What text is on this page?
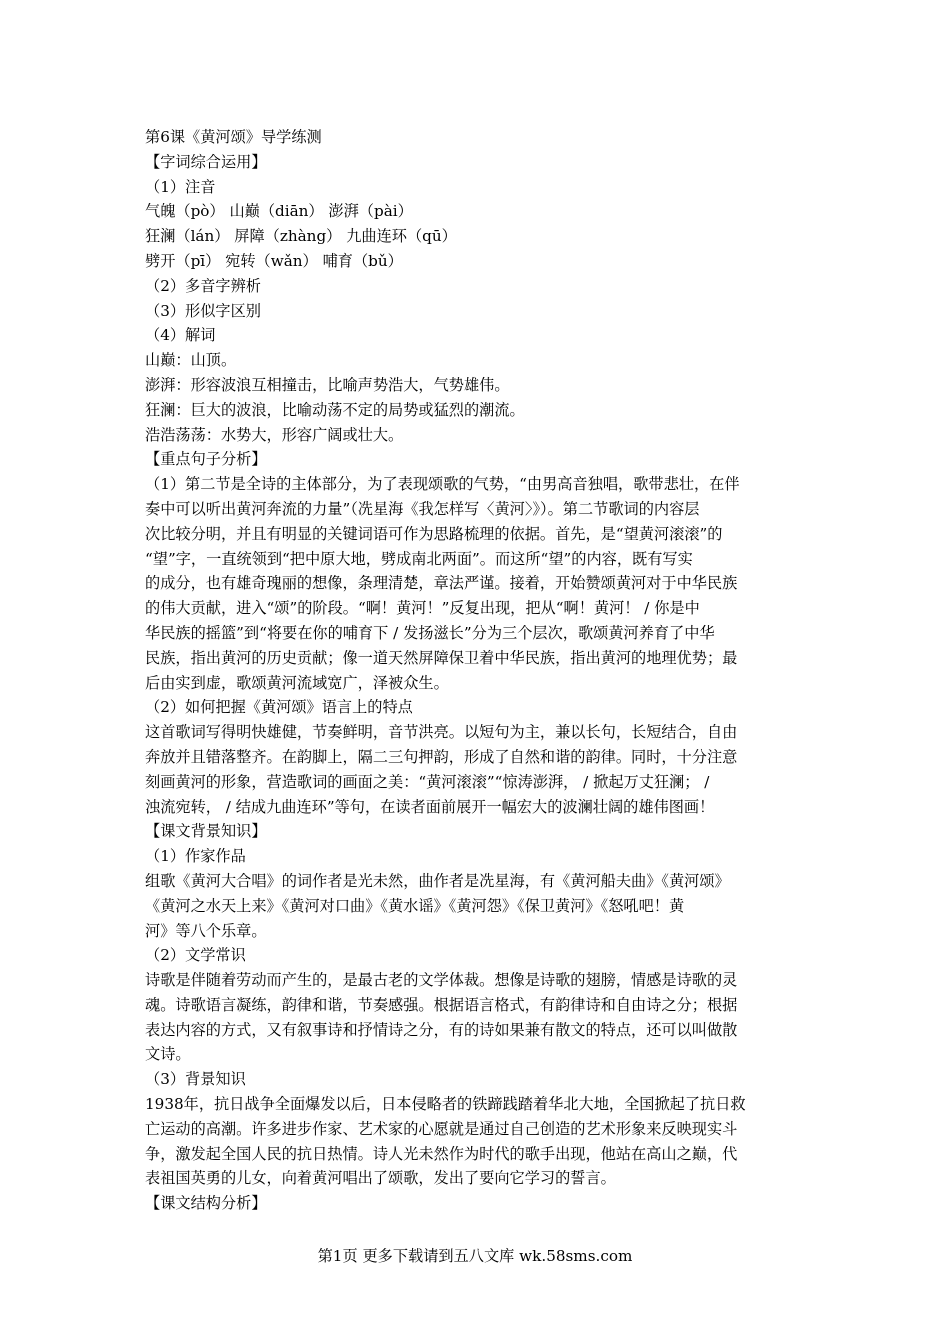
第6课《黄河颂》导学练测
【字词综合运用】
（1）注音
气魄（pò） 山巅（diān） 澎湃（pài）
狂澜（lán） 屏障（zhàng） 九曲连环（qū）
劈开（pī） 宛转（wǎn） 哺育（bǔ）
（2）多音字辨析
（3）形似字区别
（4）解词
山巅：山顶。
澎湃：形容波浪互相撞击，比喻声势浩大，气势雄伟。
狂澜：巨大的波浪，比喻动荡不定的局势或猛烈的潮流。
浩浩荡荡：水势大，形容广阔或壮大。
【重点句子分析】
（1）第二节是全诗的主体部分，为了表现颂歌的气势，“由男高音独唱，歌带悲壮，在伴
奏中可以听出黄河奔流的力量”（冼星海《我怎样写〈黄河〉》）。第二节歌词的内容层
次比较分明，并且有明显的关键词语可作为思路梳理的依据。首先，是“望黄河滚滚”的
“望”字，一直统领到“把中原大地，劈成南北两面”。而这所“望”的内容，既有写实
的成分，也有雄奇瑰丽的想像，条理清楚，章法严谨。接着，开始赞颂黄河对于中华民族
的伟大贡献，进入“颂”的阶段。“啊！黄河！”反复出现，把从“啊！黄河！ / 你是中
华民族的摇篮”到“将要在你的哺育下 / 发扬滋长”分为三个层次，歌颂黄河养育了中华
民族，指出黄河的历史贡献；像一道天然屏障保卫着中华民族，指出黄河的地理优势；最
后由实到虚，歌颂黄河流域宽广，泽被众生。
（2）如何把握《黄河颂》语言上的特点
这首歌词写得明快雄健，节奏鲜明，音节洪亮。以短句为主，兼以长句，长短结合，自由
奔放并且错落整齐。在韵脚上，隔二三句押韵，形成了自然和谐的韵律。同时，十分注意
刻画黄河的形象，营造歌词的画面之美：“黄河滚滚”“惊涛澎湃， / 掀起万丈狂澜； /
浊流宛转， / 结成九曲连环”等句，在读者面前展开一幅宏大的波澜壮阔的雄伟图画！
【课文背景知识】
（1）作家作品
组歌《黄河大合唱》的词作者是光未然，曲作者是冼星海，有《黄河船夫曲》《黄河颂》
《黄河之水天上来》《黄河对口曲》《黄水谣》《黄河怨》《保卫黄河》《怒吼吧！黄
河》等八个乐章。
（2）文学常识
诗歌是伴随着劳动而产生的，是最古老的文学体裁。想像是诗歌的翅膀，情感是诗歌的灵
魂。诗歌语言凝练，韵律和谐，节奏感强。根据语言格式，有韵律诗和自由诗之分；根据
表达内容的方式，又有叙事诗和抒情诗之分，有的诗如果兼有散文的特点，还可以叫做散
文诗。
（3）背景知识
1938年，抗日战争全面爆发以后，日本侵略者的铁蹄践踏着华北大地，全国掀起了抗日救
亡运动的高潮。许多进步作家、艺术家的心愿就是通过自己创造的艺术形象来反映现实斗
争，激发起全国人民的抗日热情。诗人光未然作为时代的歌手出现，他站在高山之巅，代
表祖国英勇的儿女，向着黄河唱出了颂歌，发出了要向它学习的誓言。
【课文结构分析】
第1页 更多下载请到五八文库 wk.58sms.com
